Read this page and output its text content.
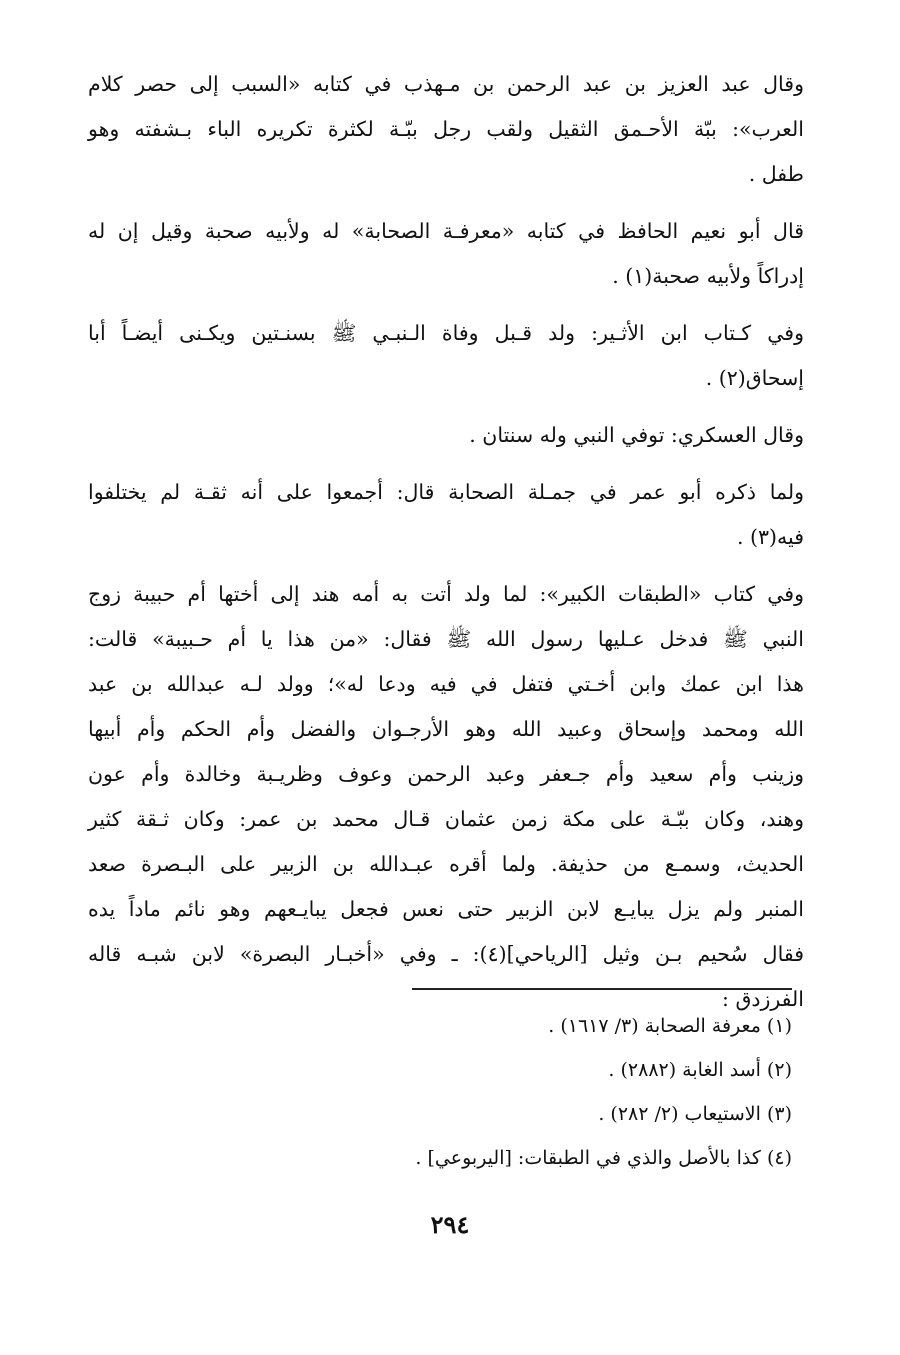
وقال عبد العزيز بن عبد الرحمن بن مـهذب في كتابه «السبب إلى حصر كلام
العرب»: ببّة الأحـمق الثقيل ولقب رجل ببّـة لكثرة تكريره الباء بـشفته وهو
طفل .

قال أبو نعيم الحافظ في كتابه «معرفـة الصحابة» له ولأبيه صحبة وقيل إن له
إدراكاً ولأبيه صحبة(١) .

وفي كـتاب ابن الأثـير: ولد قـبل وفاة الـنبـي ﷺ بسنـتين ويكـنى أيضـاً أبا
إسحاق(٢) .

وقال العسكري: توفي النبي وله سنتان .

ولما ذكره أبو عمر في جمـلة الصحابة قال: أجمعوا على أنه ثقـة لم يختلفوا
فيه(٣) .

وفي كتاب «الطبقات الكبير»: لما ولد أتت به أمه هند إلى أختها أم حبيبة زوج
النبي ﷺ فدخل عـليها رسول الله ﷺ فقال: «من هذا يا أم حـبيبة» قالت:
هذا ابن عمك وابن أخـتي فتفل في فيه ودعا له»؛ وولد لـه عبدالله بن عبد
الله ومحمد وإسحاق وعبيد الله وهو الأرجـوان والفضل وأم الحكم وأم أبيها
وزينب وأم سعيد وأم جـعفر وعبد الرحمن وعوف وظريـبة وخالدة وأم عون
وهند، وكان ببّـة على مكة زمن عثمان قـال محمد بن عمر: وكان ثـقة كثير
الحديث، وسمـع من حذيفة. ولما أقره عبـدالله بن الزبير على البـصرة صعد
المنبر ولم يزل يبايـع لابن الزبير حتى نعس فجعل يبايـعهم وهو نائم ماداً يده
فقال سُحيم بـن وثيل [الرياحي](٤): ـ وفي «أخبـار البصرة» لابن شبـه قاله
الفرزدق :

(١) معرفة الصحابة (٣/ ١٦١٧) .
(٢) أسد الغابة (٢٨٨٢) .
(٣) الاستيعاب (٢/ ٢٨٢) .
(٤) كذا بالأصل والذي في الطبقات: [اليربوعي] .
٢٩٤
